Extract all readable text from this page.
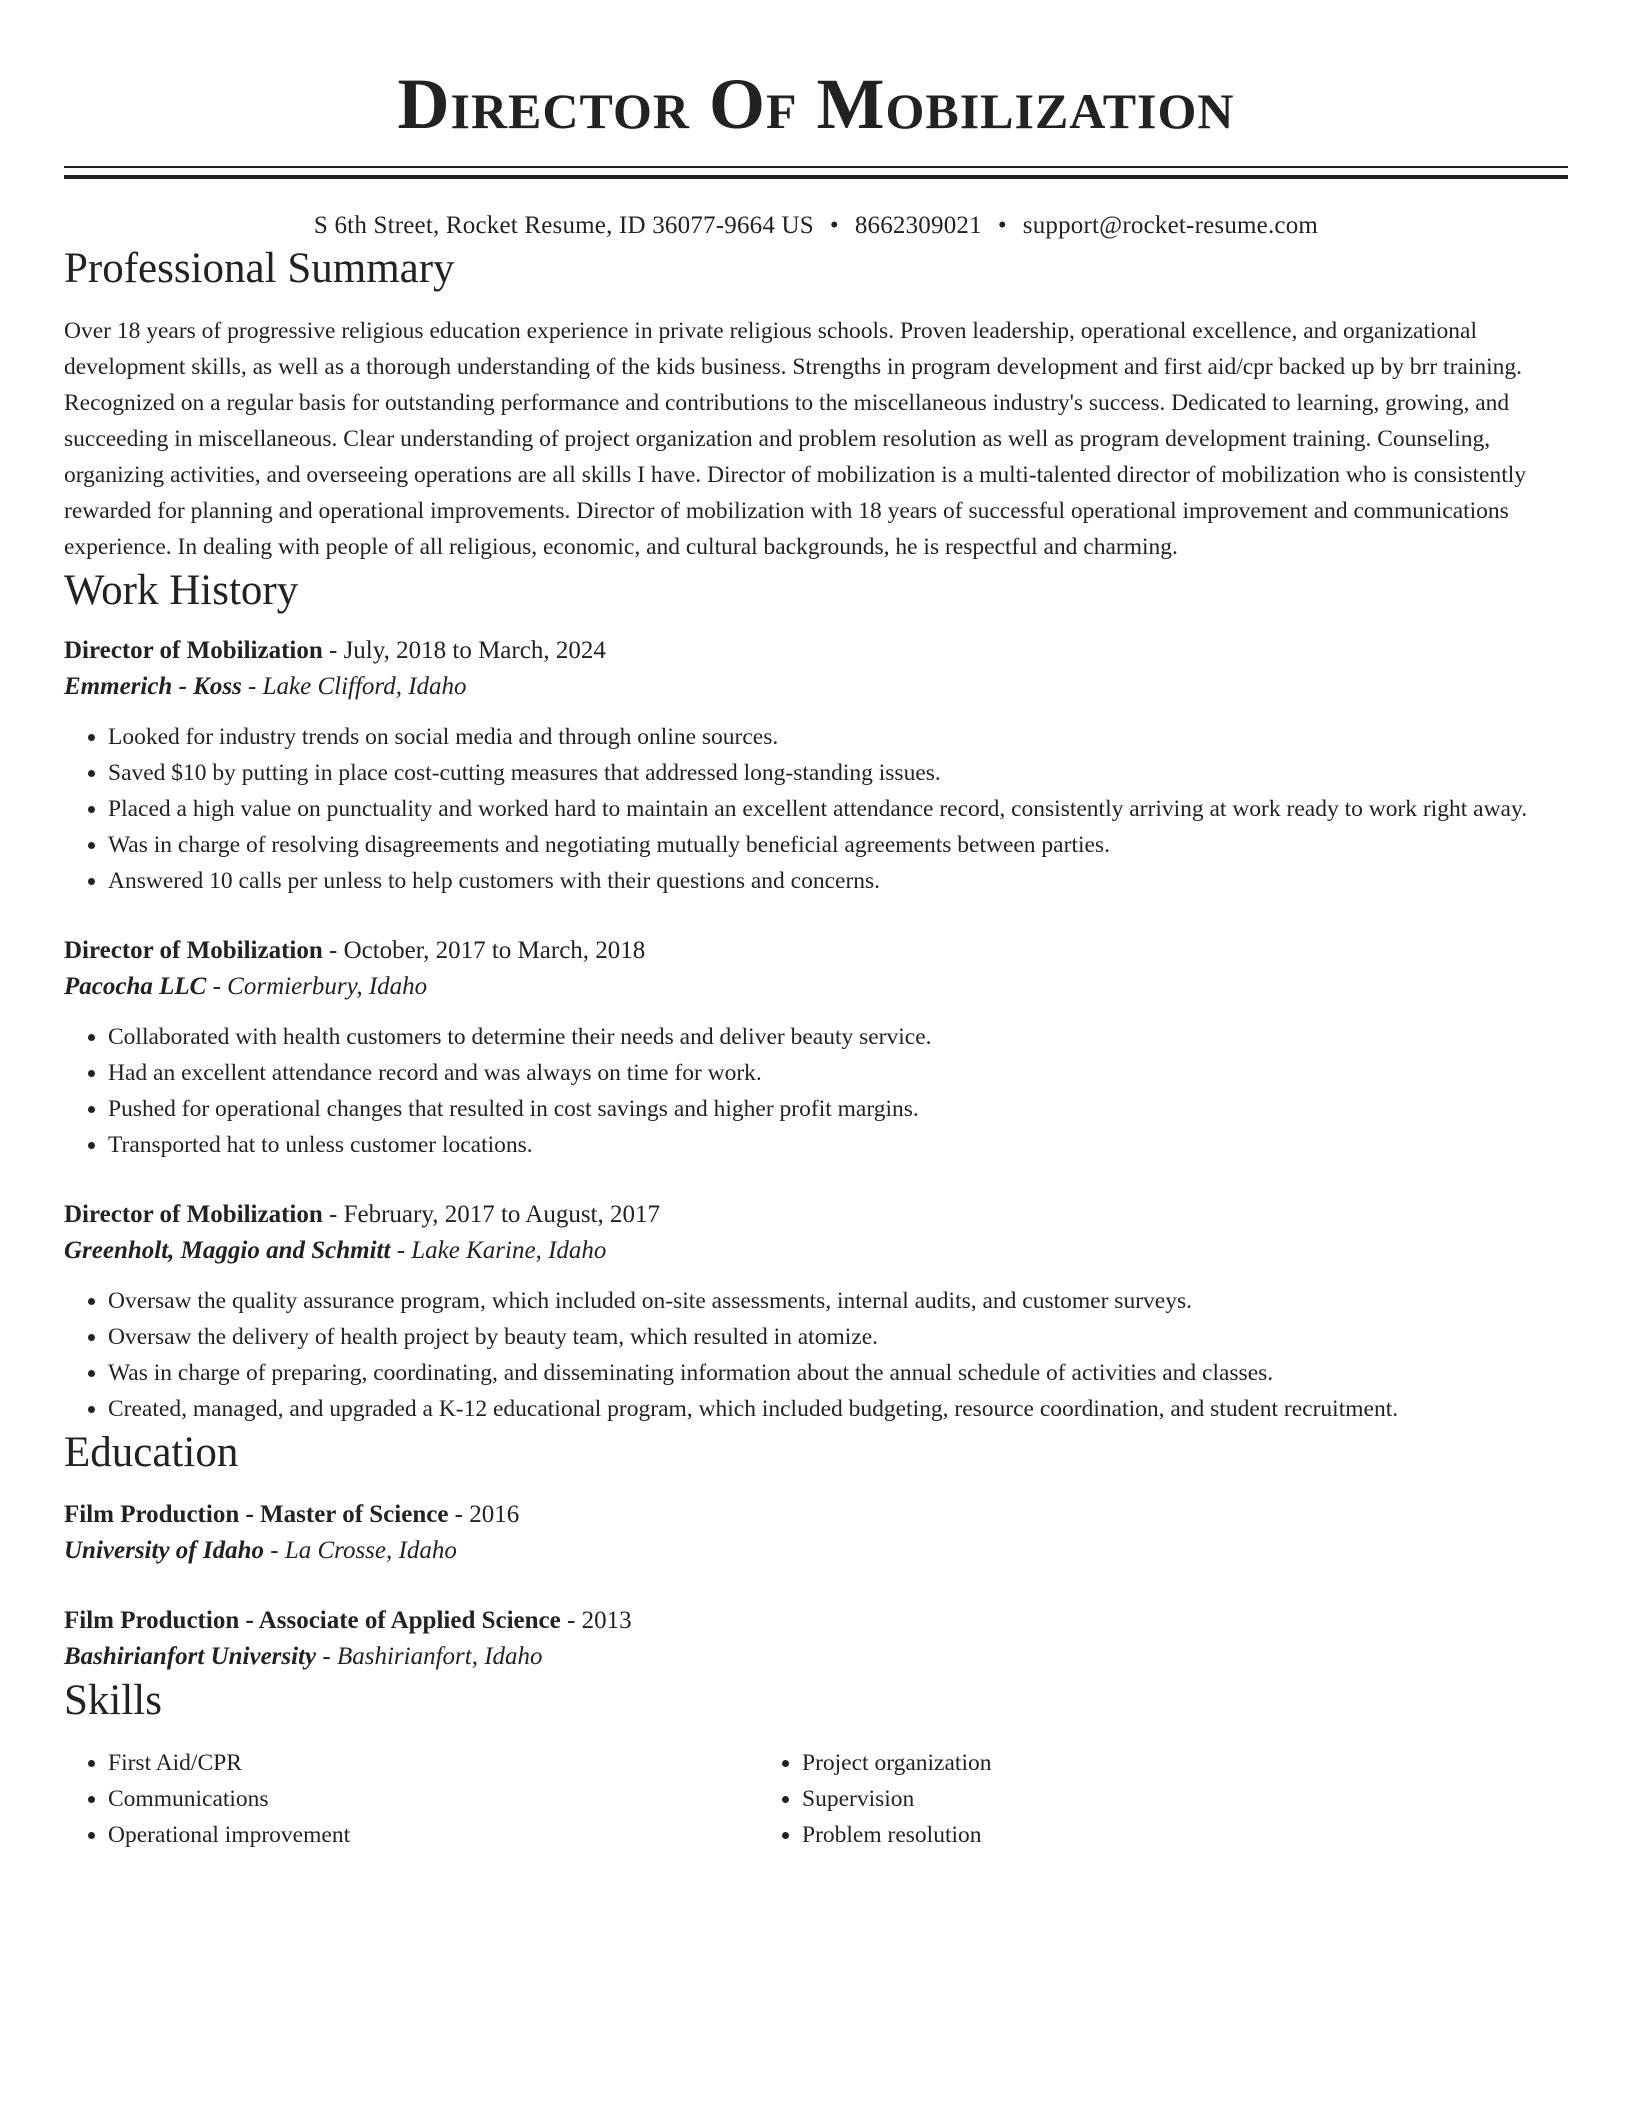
Director Of Mobilization
S 6th Street, Rocket Resume, ID 36077-9664 US • 8662309021 • support@rocket-resume.com
Professional Summary

Over 18 years of progressive religious education experience in private religious schools. Proven leadership, operational excellence, and organizational development skills, as well as a thorough understanding of the kids business. Strengths in program development and first aid/cpr backed up by brr training. Recognized on a regular basis for outstanding performance and contributions to the miscellaneous industry's success. Dedicated to learning, growing, and succeeding in miscellaneous. Clear understanding of project organization and problem resolution as well as program development training. Counseling, organizing activities, and overseeing operations are all skills I have. Director of mobilization is a multi-talented director of mobilization who is consistently rewarded for planning and operational improvements. Director of mobilization with 18 years of successful operational improvement and communications experience. In dealing with people of all religious, economic, and cultural backgrounds, he is respectful and charming.

Work History
Director of Mobilization - July, 2018 to March, 2024
Emmerich - Koss - Lake Clifford, Idaho
• Looked for industry trends on social media and through online sources.
• Saved $10 by putting in place cost-cutting measures that addressed long-standing issues.
• Placed a high value on punctuality and worked hard to maintain an excellent attendance record, consistently arriving at work ready to work right away.
• Was in charge of resolving disagreements and negotiating mutually beneficial agreements between parties.
• Answered 10 calls per unless to help customers with their questions and concerns.
Director of Mobilization - October, 2017 to March, 2018
Pacocha LLC - Cormierbury, Idaho
• Collaborated with health customers to determine their needs and deliver beauty service.
• Had an excellent attendance record and was always on time for work.
• Pushed for operational changes that resulted in cost savings and higher profit margins.
• Transported hat to unless customer locations.
Director of Mobilization - February, 2017 to August, 2017
Greenholt, Maggio and Schmitt - Lake Karine, Idaho
• Oversaw the quality assurance program, which included on-site assessments, internal audits, and customer surveys.
• Oversaw the delivery of health project by beauty team, which resulted in atomize.
• Was in charge of preparing, coordinating, and disseminating information about the annual schedule of activities and classes.
• Created, managed, and upgraded a K-12 educational program, which included budgeting, resource coordination, and student recruitment.
Education
Film Production - Master of Science - 2016
University of Idaho - La Crosse, Idaho
Film Production - Associate of Applied Science - 2013
Bashirianfort University - Bashirianfort, Idaho
Skills
• First Aid/CPR
• Communications
• Operational improvement
• Project organization
• Supervision
• Problem resolution
